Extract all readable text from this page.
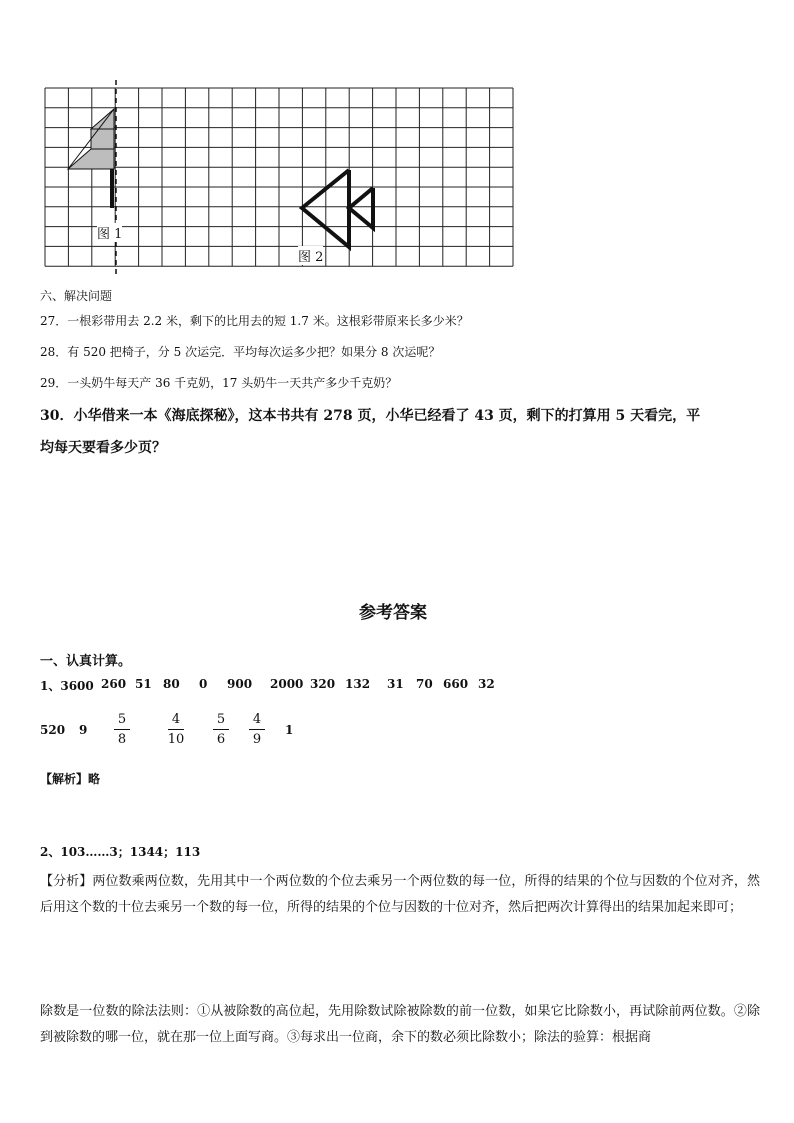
图 1
图 2
六、解决问题
27．一根彩带用去 2.2 米，剩下的比用去的短 1.7 米。这根彩带原来长多少米？
28．有 520 把椅子，分 5 次运完．平均每次运多少把？如果分 8 次运呢？
29．一头奶牛每天产 36 千克奶，17 头奶牛一天共产多少千克奶？
30．小华借来一本《海底探秘》，这本书共有 278 页，小华已经看了 43 页，剩下的打算用 5 天看完，平
均每天要看多少页？
参考答案
一、认真计算。
1、3600 260 51 80 0 900 2000 320 132 31 70 660 32
520 9
5
8
4
10
5
6
4
9
1
【解析】略
2、103……3；1344；113
【分析】两位数乘两位数，先用其中一个两位数的个位去乘另一个两位数的每一位，所得的结果的个位与因数的个位对齐，然后用这个数的十位去乘另一个数的每一位，所得的结果的个位与因数的十位对齐，然后把两次计算得出的结果加起来即可；
除数是一位数的除法法则：①从被除数的高位起，先用除数试除被除数的前一位数，如果它比除数小，再试除前两位数。②除到被除数的哪一位，就在那一位上面写商。③每求出一位商，余下的数必须比除数小；除法的验算：根据商
